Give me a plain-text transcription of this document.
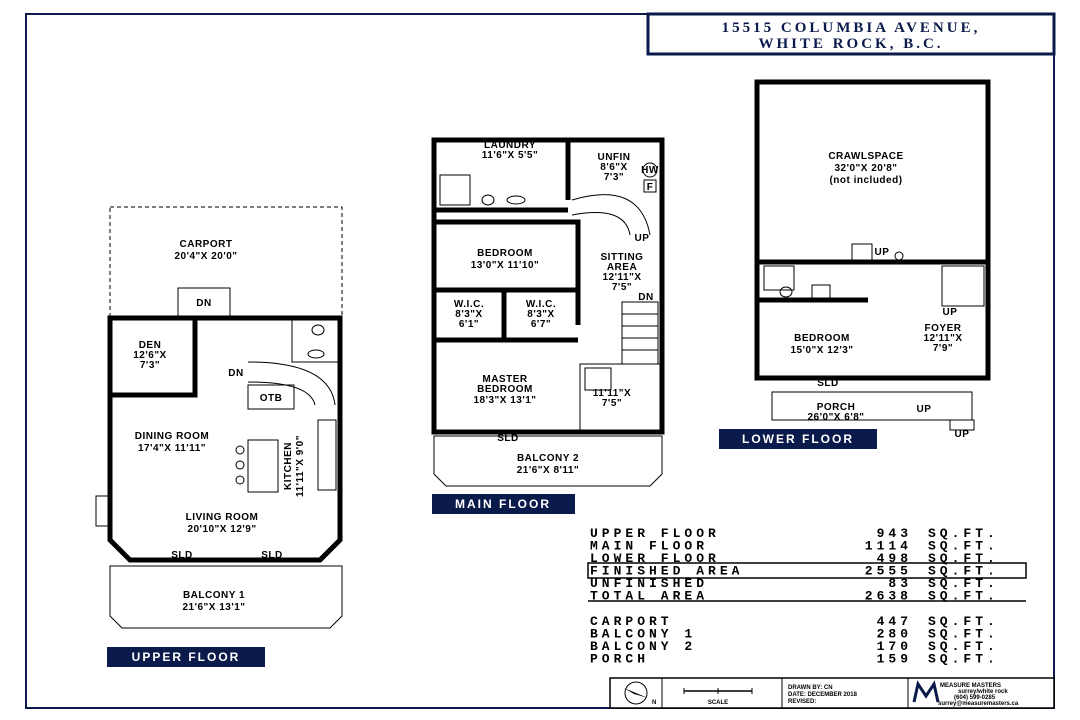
15515 COLUMBIA AVENUE,
WHITE ROCK, B.C.
CARPORT
20'4"X 20'0"
DN
DEN
12'6"X
7'3"
DN
OTB
KITCHEN 11'11"X 9'0"
DINING ROOM
17'4"X 11'11"
LIVING ROOM
20'10"X 12'9"
SLD	SLD
BALCONY 1
21'6"X 13'1"
UPPER FLOOR
LAUNDRY
11'6"X 5'5"	UNFIN
8'6"X
7'3"
HW
F
UP
BEDROOM
13'0"X 11'10"
SITTING
AREA
12'11"X
7'5"
W.I.C.
8'3"X
6'1"
W.I.C.
8'3"X
6'7"
DN
11'11"X
7'5"
MASTER
BEDROOM
18'3"X 13'1"
SLD
BALCONY 2
21'6"X 8'11"
MAIN FLOOR
CRAWLSPACE
32'0"X 20'8"
(not included)
UP
UP
BEDROOM
15'0"X 12'3"
FOYER
12'11"X
7'9"
SLD
PORCH
26'0"X 6'8"
UP
UP
LOWER FLOOR
UPPER FLOOR	943 SQ.FT.
MAIN FLOOR	1114 SQ.FT.
LOWER FLOOR	498 SQ.FT.
FINISHED AREA	2555 SQ.FT.
UNFINISHED	83 SQ.FT.
TOTAL AREA	2638 SQ.FT.
CARPORT	447 SQ.FT.
BALCONY 1	280 SQ.FT.
BALCONY 2	170 SQ.FT.
PORCH	159 SQ.FT.
N	SCALE
DRAWN BY: CN
DATE: DECEMBER 2018
REVISED:
MEASURE MASTERS
surrey/white rock
(604) 599-0285
surrey@measuremasters.ca
